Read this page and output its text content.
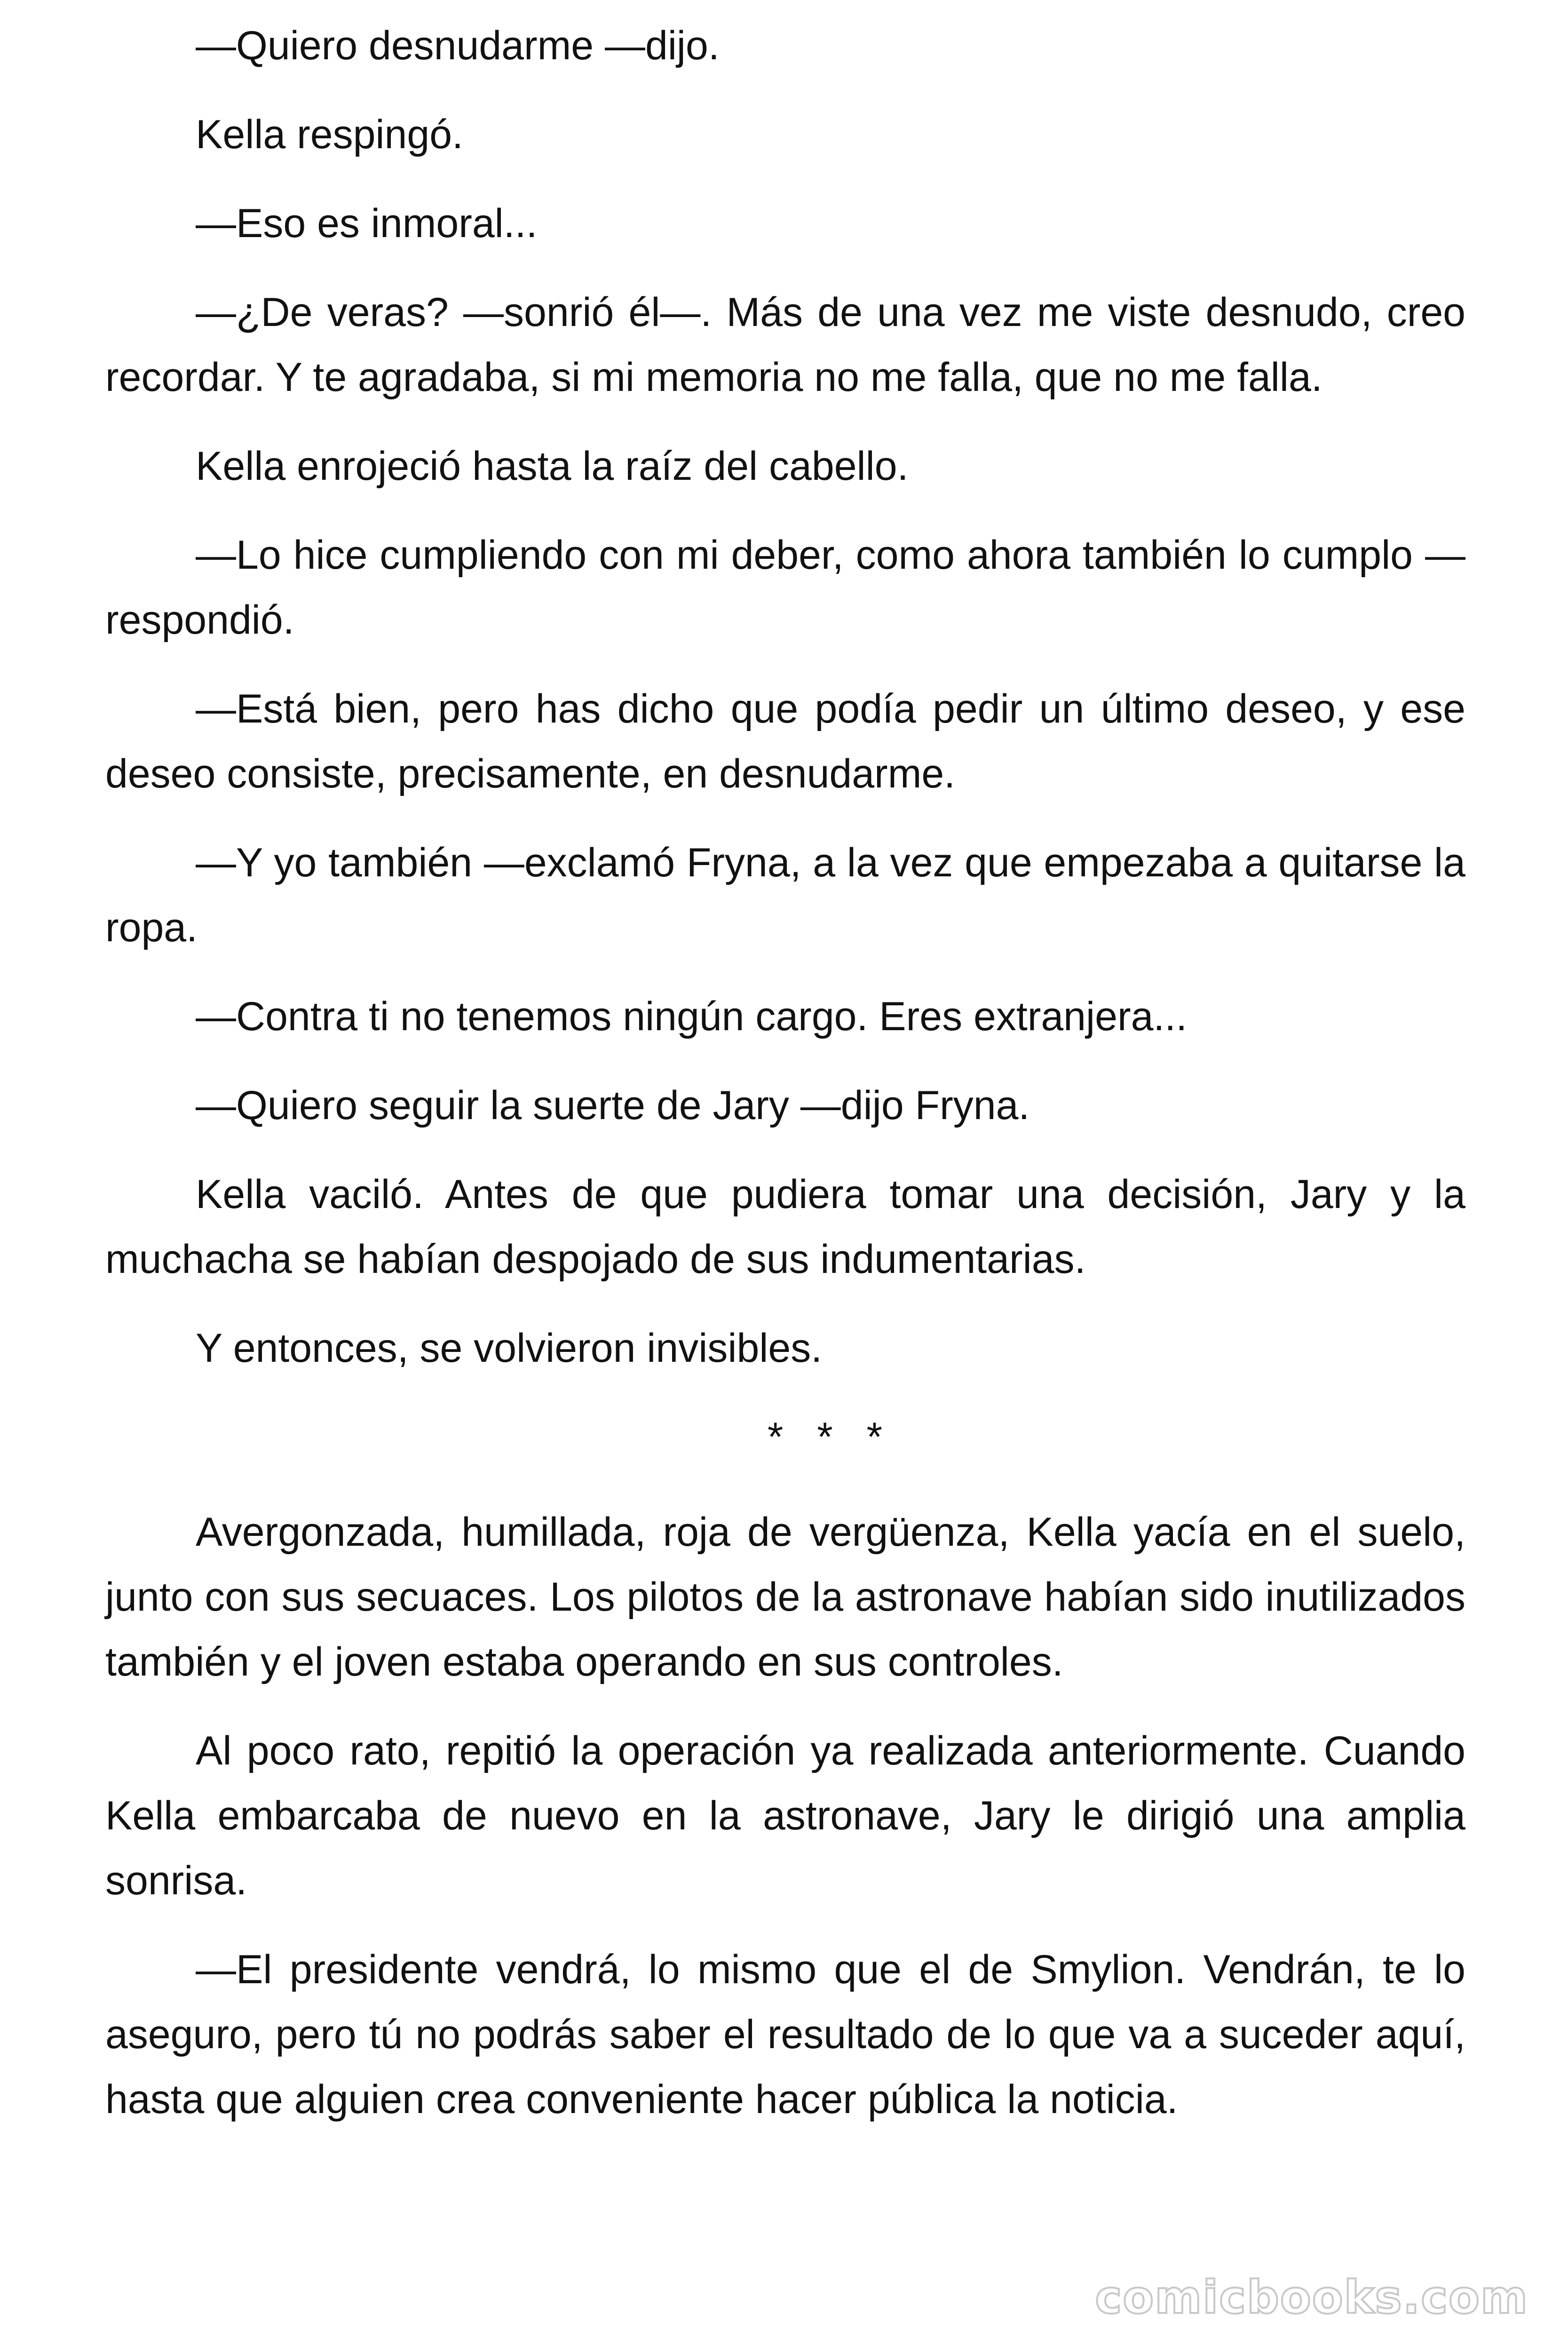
—Quiero desnudarme —dijo.

Kella respingó.

—Eso es inmoral...

—¿De veras? —sonrió él—. Más de una vez me viste desnudo, creo recordar. Y te agradaba, si mi memoria no me falla, que no me falla.

Kella enrojeció hasta la raíz del cabello.

—Lo hice cumpliendo con mi deber, como ahora también lo cumplo —respondió.

—Está bien, pero has dicho que podía pedir un último deseo, y ese deseo consiste, precisamente, en desnudarme.

—Y yo también —exclamó Fryna, a la vez que empezaba a quitarse la ropa.

—Contra ti no tenemos ningún cargo. Eres extranjera...

—Quiero seguir la suerte de Jary —dijo Fryna.

Kella vaciló. Antes de que pudiera tomar una decisión, Jary y la muchacha se habían despojado de sus indumentarias.

Y entonces, se volvieron invisibles.

* * *

Avergonzada, humillada, roja de vergüenza, Kella yacía en el suelo, junto con sus secuaces. Los pilotos de la astronave habían sido inutilizados también y el joven estaba operando en sus controles.

Al poco rato, repitió la operación ya realizada anteriormente. Cuando Kella embarcaba de nuevo en la astronave, Jary le dirigió una amplia sonrisa.

—El presidente vendrá, lo mismo que el de Smylion. Vendrán, te lo aseguro, pero tú no podrás saber el resultado de lo que va a suceder aquí, hasta que alguien crea conveniente hacer pública la noticia.

comicbooks.com
